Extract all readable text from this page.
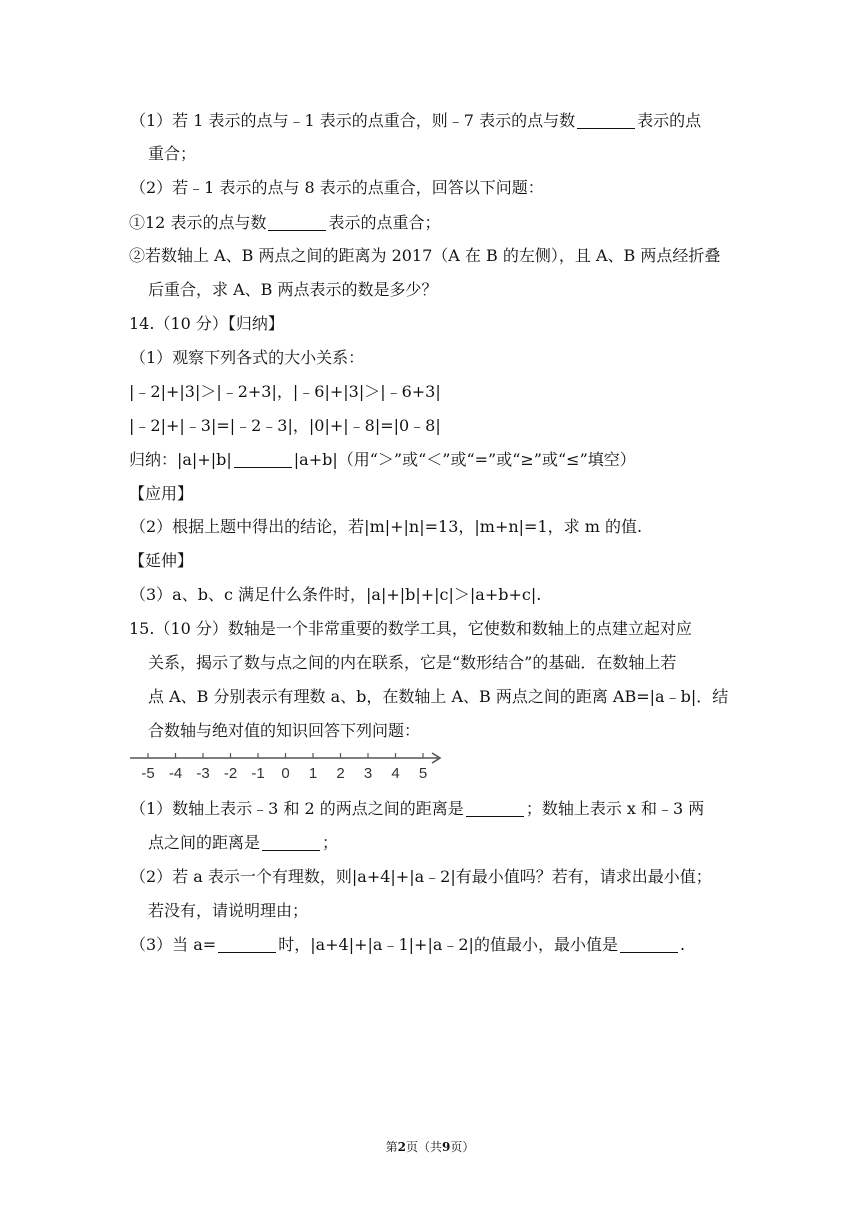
（1）若 1 表示的点与﹣1 表示的点重合，则﹣7 表示的点与数	表示的点
重合；
（2）若﹣1 表示的点与 8 表示的点重合，回答以下问题：
①12 表示的点与数	表示的点重合；
②若数轴上 A、B 两点之间的距离为 2017（A 在 B 的左侧），且 A、B 两点经折叠
后重合，求 A、B 两点表示的数是多少？
14.（10 分）【归纳】
（1）观察下列各式的大小关系：
|﹣2|+|3|＞|﹣2+3|，|﹣6|+|3|＞|﹣6+3|
|﹣2|+|﹣3|=|﹣2﹣3|，|0|+|﹣8|=|0﹣8|
归纳：|a|+|b|	|a+b|（用“＞”或“＜”或“=”或“≥”或“≤”填空）
【应用】
（2）根据上题中得出的结论，若|m|+|n|=13，|m+n|=1，求 m 的值.
【延伸】
（3）a、b、c 满足什么条件时，|a|+|b|+|c|＞|a+b+c|.
15.（10 分）数轴是一个非常重要的数学工具，它使数和数轴上的点建立起对应
关系，揭示了数与点之间的内在联系，它是“数形结合”的基础．在数轴上若
点 A、B 分别表示有理数 a、b，在数轴上 A、B 两点之间的距离 AB=|a﹣b|．结
合数轴与绝对值的知识回答下列问题：
-5 -4 -3 -2 -1 0 1 2 3 4 5
（1）数轴上表示﹣3 和 2 的两点之间的距离是	；数轴上表示 x 和﹣3 两
点之间的距离是	；
（2）若 a 表示一个有理数，则|a+4|+|a﹣2|有最小值吗？若有，请求出最小值；
若没有，请说明理由；
（3）当 a=	时，|a+4|+|a﹣1|+|a﹣2|的值最小，最小值是	.
第2页（共9页）
